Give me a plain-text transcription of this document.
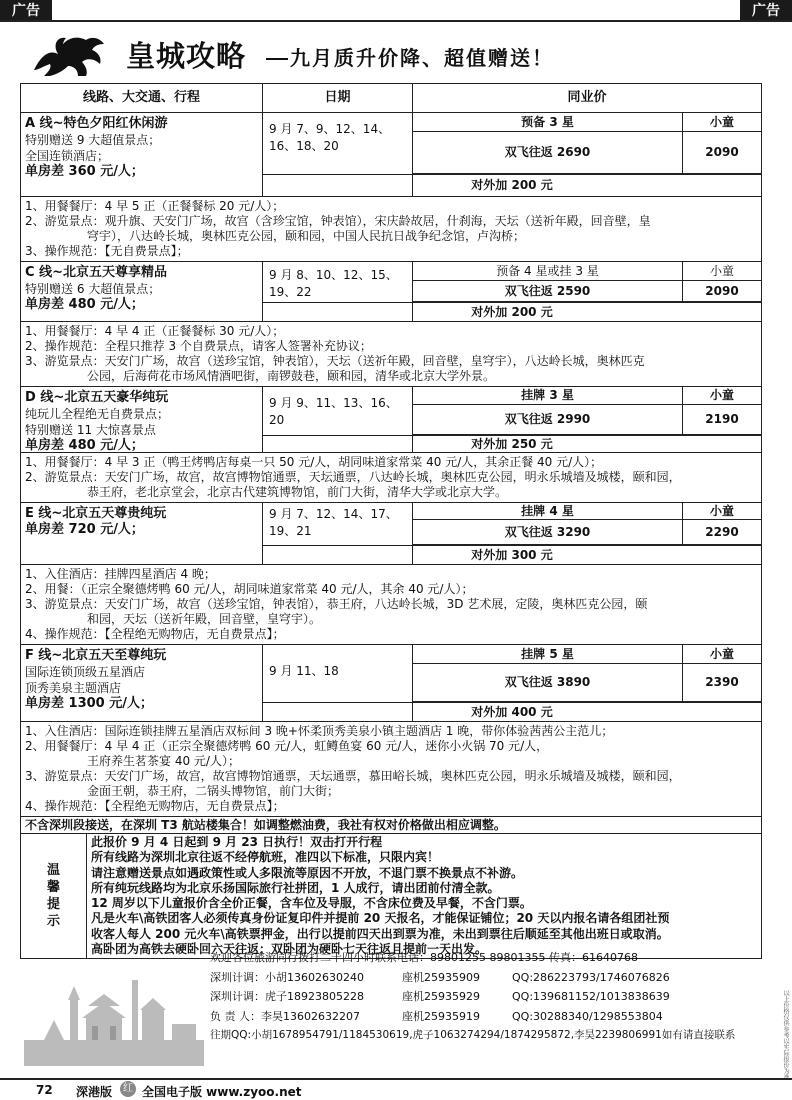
广告	广告
以上价格仅供参考以实际报价为准
皇城攻略 九月质升价降、超值赠送！
线路、大交通、行程	日期	同业价
A 线~特色夕阳红休闲游
特别赠送 9 大超值景点；
全国连锁酒店；
单房差 360 元/人；
9 月 7、9、12、14、16、18、20
预备 3 星	小童
双飞往返 2690	2090
对外加 200 元

1、用餐餐厅：4 早 5 正（正餐餐标 20 元/人）；

2、游览景点：观升旗、天安门广场，故宫（含珍宝馆，钟表馆），宋庆龄故居，什刹海，天坛（送祈年殿，回音壁，皇

穹宇），八达岭长城，奥林匹克公园，颐和园，中国人民抗日战争纪念馆，卢沟桥；

3、操作规范：【无自费景点】；

C 线~北京五天尊享精品
特别赠送 6 大超值景点；
单房差 480 元/人；
9 月 8、10、12、15、19、22
预备 4 星或挂 3 星	小童
双飞往返 2590	2090
对外加 200 元

1、用餐餐厅：4 早 4 正（正餐餐标 30 元/人）；

2、操作规范：全程只推荐 3 个自费景点，请客人签署补充协议；

3、游览景点：天安门广场，故宫（送珍宝馆，钟表馆），天坛（送祈年殿，回音壁，皇穹宇），八达岭长城，奥林匹克

公园，后海荷花市场风情酒吧街，南锣鼓巷，颐和园，清华或北京大学外景。

D 线~北京五天豪华纯玩
纯玩儿全程绝无自费景点；
特别赠送 11 大惊喜景点
单房差 480 元/人；
9 月 9、11、13、16、20
挂牌 3 星	小童
双飞往返 2990	2190
对外加 250 元

1、用餐餐厅：4 早 3 正（鸭王烤鸭店每桌一只 50 元/人，胡同味道家常菜 40 元/人，其余正餐 40 元/人）；

2、游览景点：天安门广场，故宫，故宫博物馆通票，天坛通票，八达岭长城，奥林匹克公园，明永乐城墙及城楼，颐和园，

恭王府，老北京堂会，北京古代建筑博物馆，前门大街，清华大学或北京大学。

E 线~北京五天尊贵纯玩
单房差 720 元/人；
9 月 7、12、14、17、19、21
挂牌 4 星	小童
双飞往返 3290	2290
对外加 300 元

1、入住酒店：挂牌四星酒店 4 晚；

2、用餐：（正宗全聚德烤鸭 60 元/人，胡同味道家常菜 40 元/人，其余 40 元/人）；

3、游览景点：天安门广场，故宫（送珍宝馆，钟表馆），恭王府，八达岭长城，3D 艺术展，定陵，奥林匹克公园，颐

和园，天坛（送祈年殿，回音壁，皇穹宇）。

4、操作规范：【全程绝无购物店，无自费景点】；

F 线~北京五天至尊纯玩
国际连锁顶级五星酒店
顶秀美泉主题酒店
单房差 1300 元/人；
9 月 11、18
挂牌 5 星	小童
双飞往返 3890	2390
对外加 400 元

1、入住酒店：国际连锁挂牌五星酒店双标间 3 晚+怀柔顶秀美泉小镇主题酒店 1 晚，带你体验茜茜公主范儿；

2、用餐餐厅：4 早 4 正（正宗全聚德烤鸭 60 元/人，虹鳟鱼宴 60 元/人，迷你小火锅 70 元/人，

王府养生茗茶宴 40 元/人）；

3、游览景点：天安门广场，故宫，故宫博物馆通票，天坛通票，慕田峪长城，奥林匹克公园，明永乐城墙及城楼，颐和园，

金面王朝，恭王府，二锅头博物馆，前门大街；

4、操作规范：【全程绝无购物店，无自费景点】；

不含深圳段接送，在深圳 T3 航站楼集合！如调整燃油费，我社有权对价格做出相应调整。
温
馨
提
示
此报价 9 月 4 日起到 9 月 23 日执行！双击打开行程
所有线路为深圳北京往返不经停航班，准四以下标准，只限内宾！
请注意赠送景点如遇政策性或人多限流等原因不开放，不退门票不换景点不补游。
所有纯玩线路均为北京乐扬国际旅行社拼团，1 人成行，请出团前付清全款。
12 周岁以下儿童报价含全价正餐，含车位及导服，不含床位费及早餐，不含门票。
凡是火车\高铁团客人必须传真身份证复印件并提前 20 天报名，才能保证铺位；20 天以内报名请各组团社预
收客人每人 200 元火车\高铁票押金，出行以提前四天出到票为准，未出到票往后顺延至其他出班日或取消。
高卧团为高铁去硬卧回六天往返；双卧团为硬卧七天往返且提前一天出发。
欢迎各位旅游同行拨打二十四小时联系电话：89801255 89801355 传真：61640768
深圳计调：小胡13602630240	座机25935909	QQ:286223793/1746076826
深圳计调：虎子18923805228	座机25935929	QQ:139681152/1013838639
负 责 人：李昊13602632207	座机25935919	QQ:30288340/1298553804
往期QQ:小胡1678954791/1184530619,虎子1063274294/1874295872,李昊2239806991如有请直接联系
72 深港版	红 全国电子版 www.zyoo.net
